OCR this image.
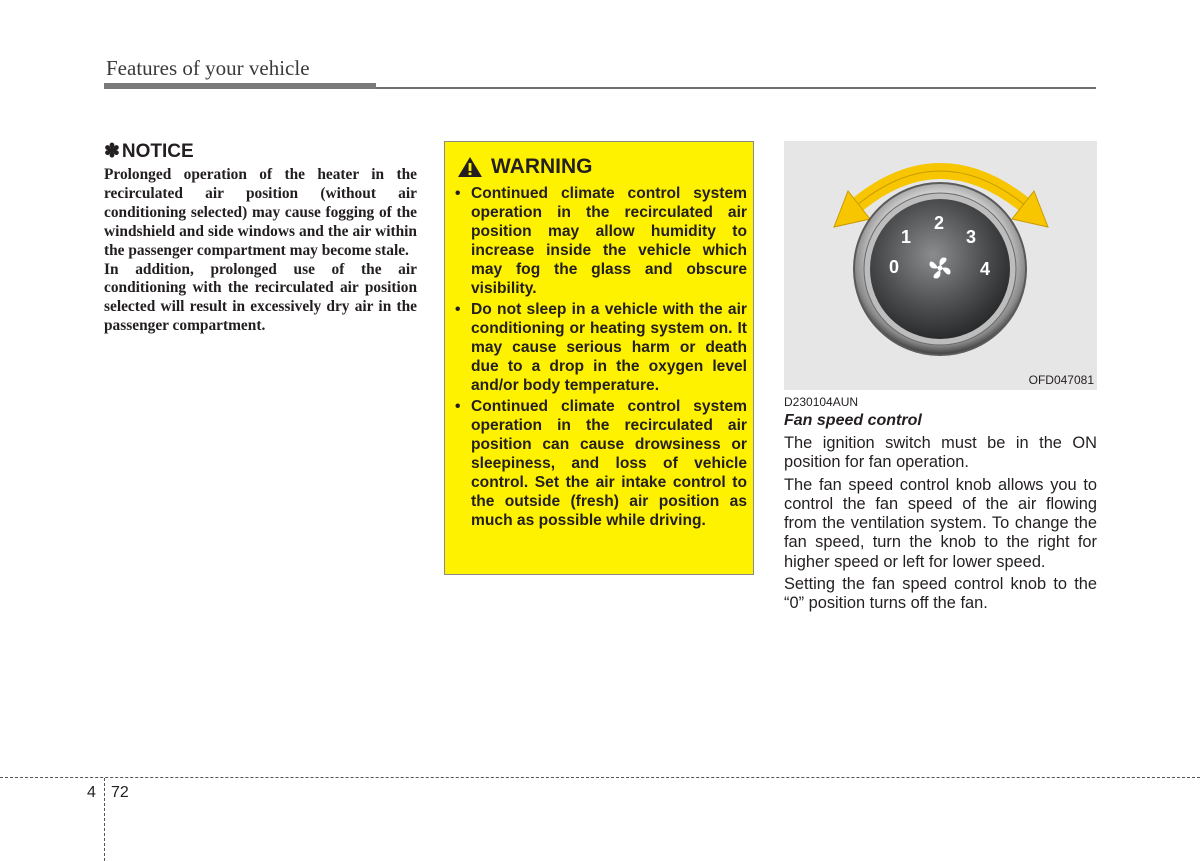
Features of your vehicle
✽ NOTICE

Prolonged operation of the heater in the recirculated air position (without air conditioning selected) may cause fogging of the windshield and side windows and the air within the passenger compartment may become stale.

In addition, prolonged use of the air conditioning with the recirculated air position selected will result in excessively dry air in the passenger compartment.

WARNING
• Continued climate control system operation in the recirculated air position may allow humidity to increase inside the vehicle which may fog the glass and obscure visibility.
• Do not sleep in a vehicle with the air conditioning or heating system on. It may cause serious harm or death due to a drop in the oxygen level and/or body temperature.
• Continued climate control system operation in the recirculated air position can cause drowsiness or sleepiness, and loss of vehicle control. Set the air intake control to the outside (fresh) air position as much as possible while driving.
0
1
2
3
4
OFD047081
D230104AUN
Fan speed control

The ignition switch must be in the ON position for fan operation.

The fan speed control knob allows you to control the fan speed of the air flowing from the ventilation system. To change the fan speed, turn the knob to the right for higher speed or left for lower speed.

Setting the fan speed control knob to the “0” position turns off the fan.

4 72
